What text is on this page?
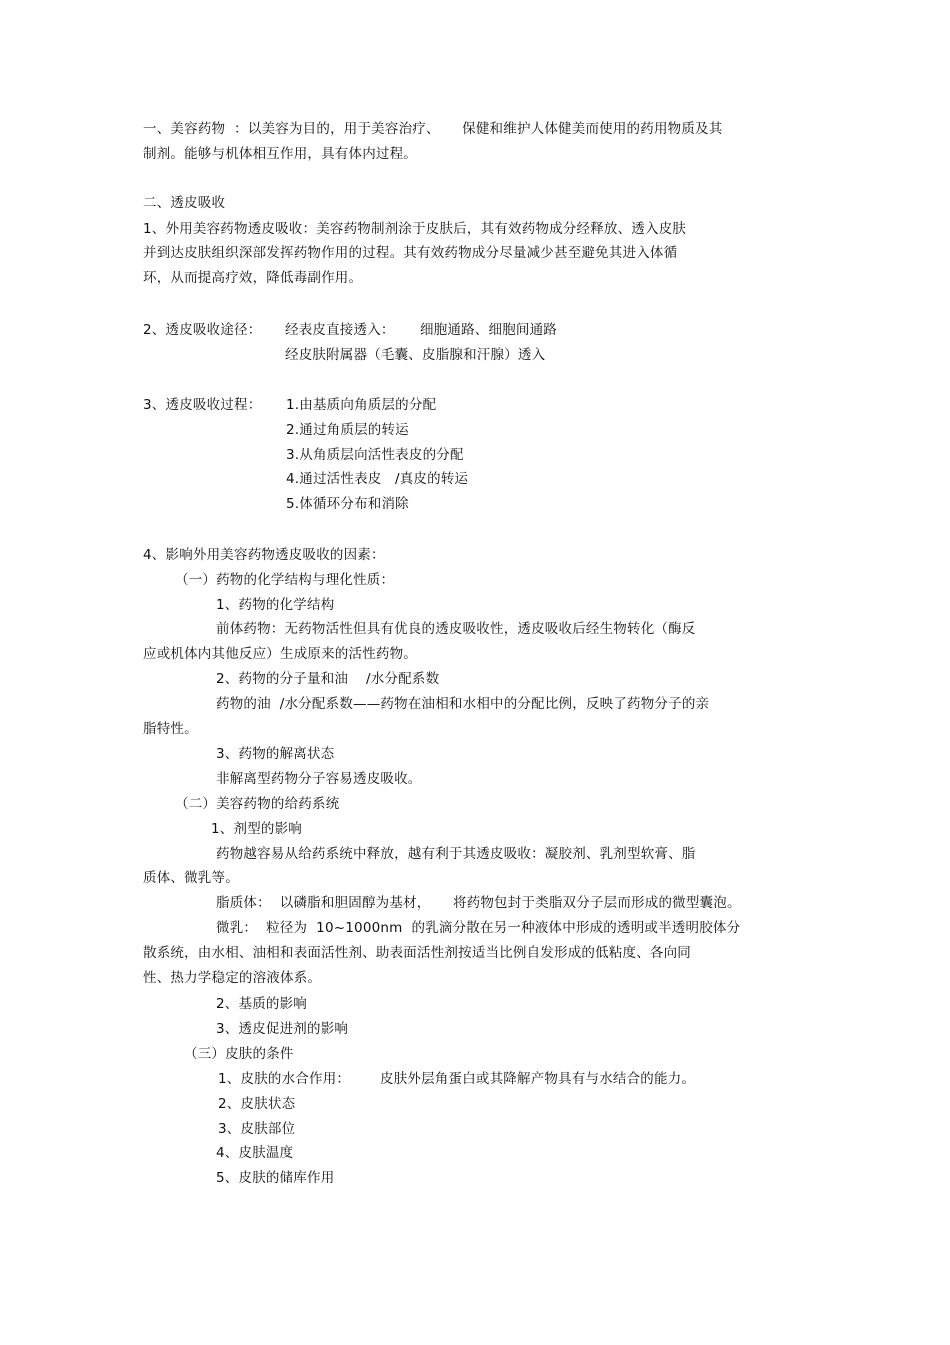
一、美容药物  ：以美容为目的，用于美容治疗、     保健和维护人体健美而使用的药用物质及其
制剂。能够与机体相互作用，具有体内过程。
二、透皮吸收
1、外用美容药物透皮吸收：美容药物制剂涂于皮肤后，其有效药物成分经释放、透入皮肤
并到达皮肤组织深部发挥药物作用的过程。其有效药物成分尽量减少甚至避免其进入体循
环，从而提高疗效，降低毒副作用。
2、透皮吸收途径： 经表皮直接透入： 细胞通路、细胞间通路
经皮肤附属器（毛囊、皮脂腺和汗腺）透入
3、透皮吸收过程： 1.由基质向角质层的分配
2.通过角质层的转运
3.从角质层向活性表皮的分配
4.通过活性表皮   /真皮的转运
5.体循环分布和消除
4、影响外用美容药物透皮吸收的因素：
（一）药物的化学结构与理化性质：
1、药物的化学结构
前体药物：无药物活性但具有优良的透皮吸收性，透皮吸收后经生物转化（酶反
应或机体内其他反应）生成原来的活性药物。
2、药物的分子量和油    /水分配系数
药物的油  /水分配系数——药物在油相和水相中的分配比例，反映了药物分子的亲
脂特性。
3、药物的解离状态
非解离型药物分子容易透皮吸收。
（二）美容药物的给药系统
1、剂型的影响
药物越容易从给药系统中释放，越有利于其透皮吸收：凝胶剂、乳剂型软膏、脂
质体、微乳等。
脂质体：  以磷脂和胆固醇为基材，     将药物包封于类脂双分子层而形成的微型囊泡。
微乳：  粒径为  10~1000nm  的乳滴分散在另一种液体中形成的透明或半透明胶体分
散系统，由水相、油相和表面活性剂、助表面活性剂按适当比例自发形成的低粘度、各向同
性、热力学稳定的溶液体系。
2、基质的影响
3、透皮促进剂的影响
（三）皮肤的条件
1、皮肤的水合作用： 皮肤外层角蛋白或其降解产物具有与水结合的能力。
2、皮肤状态
3、皮肤部位
4、皮肤温度
5、皮肤的储库作用
